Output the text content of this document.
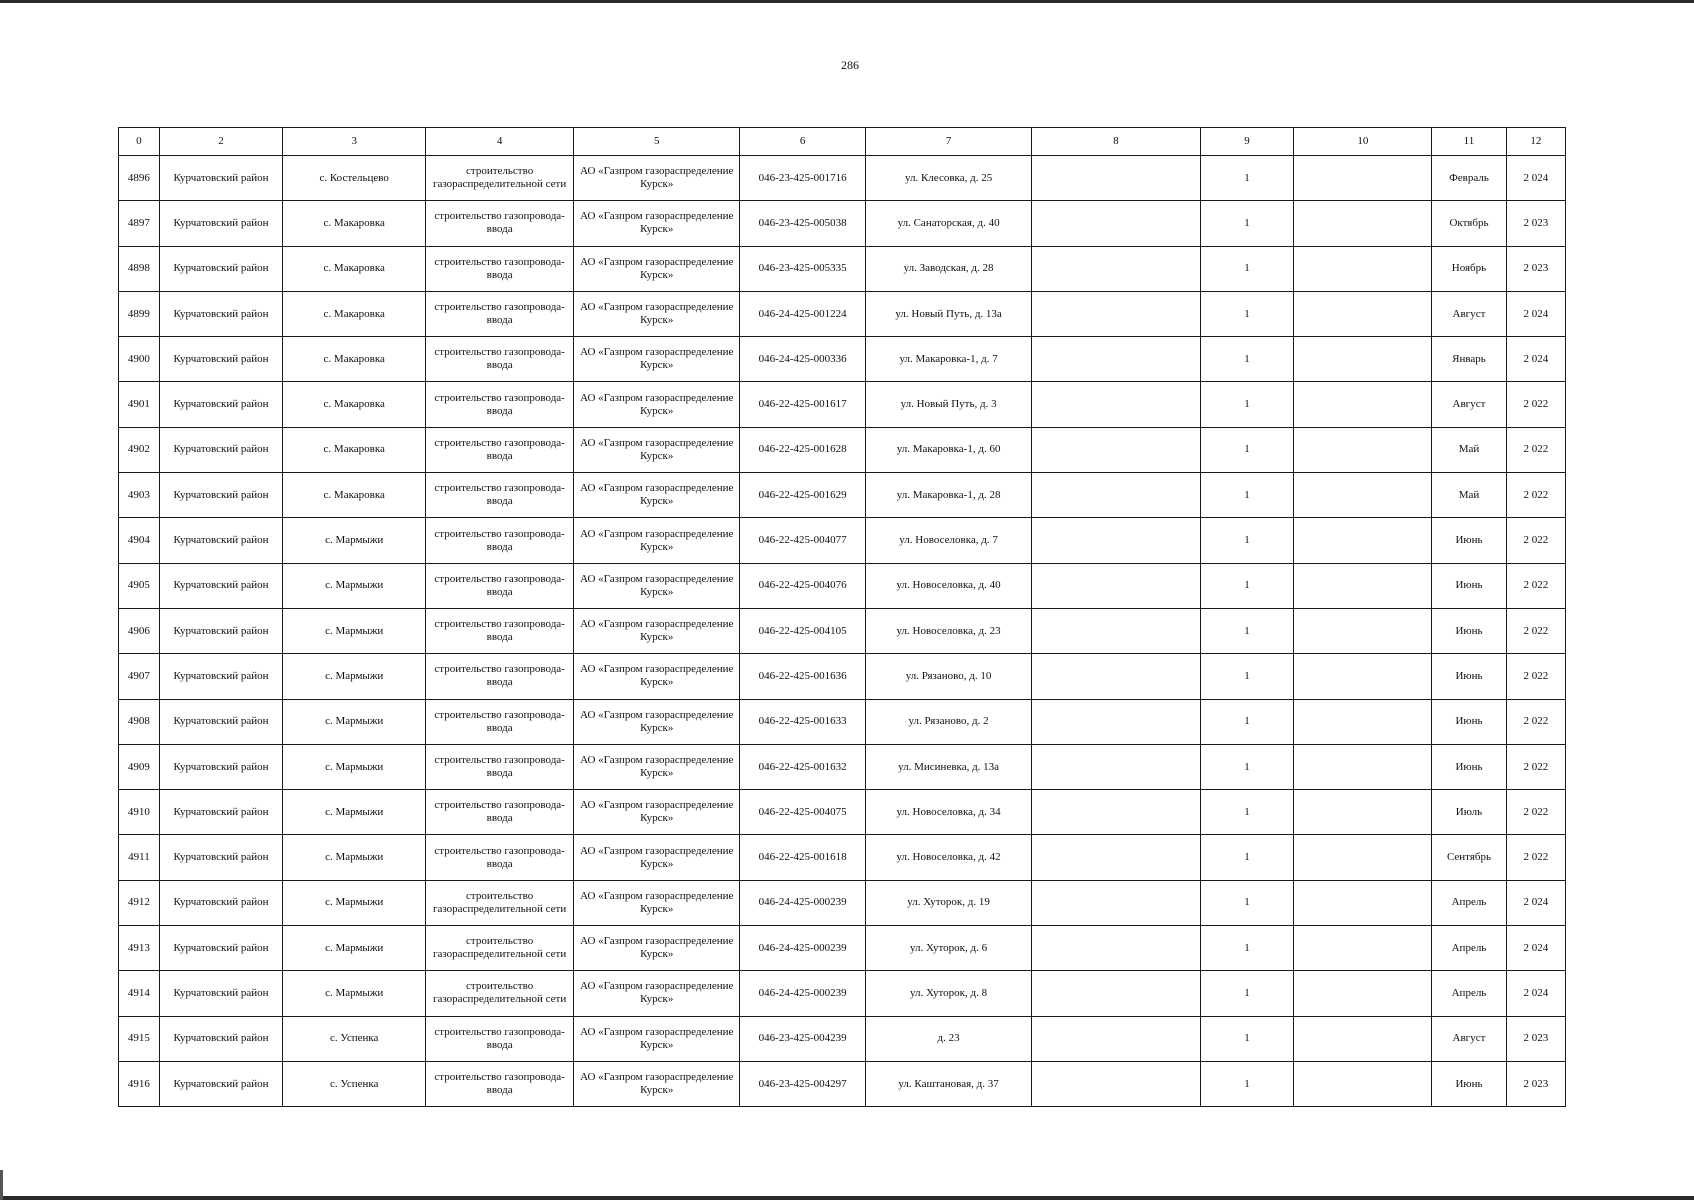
286
0	2	3	4	5	6	7	8	9	10	11	12
4896	Курчатовский район	с. Костельцево	строительство газораспределительной сети	АО «Газпром газораспределение Курск»	046-23-425-001716	ул. Клесовка, д. 25		1		Февраль	2 024
4897	Курчатовский район	с. Макаровка	строительство газопровода-ввода	АО «Газпром газораспределение Курск»	046-23-425-005038	ул. Санаторская, д. 40		1		Октябрь	2 023
4898	Курчатовский район	с. Макаровка	строительство газопровода-ввода	АО «Газпром газораспределение Курск»	046-23-425-005335	ул. Заводская, д. 28		1		Ноябрь	2 023
4899	Курчатовский район	с. Макаровка	строительство газопровода-ввода	АО «Газпром газораспределение Курск»	046-24-425-001224	ул. Новый Путь, д. 13а		1		Август	2 024
4900	Курчатовский район	с. Макаровка	строительство газопровода-ввода	АО «Газпром газораспределение Курск»	046-24-425-000336	ул. Макаровка-1, д. 7		1		Январь	2 024
4901	Курчатовский район	с. Макаровка	строительство газопровода-ввода	АО «Газпром газораспределение Курск»	046-22-425-001617	ул. Новый Путь, д. 3		1		Август	2 022
4902	Курчатовский район	с. Макаровка	строительство газопровода-ввода	АО «Газпром газораспределение Курск»	046-22-425-001628	ул. Макаровка-1, д. 60		1		Май	2 022
4903	Курчатовский район	с. Макаровка	строительство газопровода-ввода	АО «Газпром газораспределение Курск»	046-22-425-001629	ул. Макаровка-1, д. 28		1		Май	2 022
4904	Курчатовский район	с. Мармыжи	строительство газопровода-ввода	АО «Газпром газораспределение Курск»	046-22-425-004077	ул. Новоселовка, д. 7		1		Июнь	2 022
4905	Курчатовский район	с. Мармыжи	строительство газопровода-ввода	АО «Газпром газораспределение Курск»	046-22-425-004076	ул. Новоселовка, д. 40		1		Июнь	2 022
4906	Курчатовский район	с. Мармыжи	строительство газопровода-ввода	АО «Газпром газораспределение Курск»	046-22-425-004105	ул. Новоселовка, д. 23		1		Июнь	2 022
4907	Курчатовский район	с. Мармыжи	строительство газопровода-ввода	АО «Газпром газораспределение Курск»	046-22-425-001636	ул. Рязаново, д. 10		1		Июнь	2 022
4908	Курчатовский район	с. Мармыжи	строительство газопровода-ввода	АО «Газпром газораспределение Курск»	046-22-425-001633	ул. Рязаново, д. 2		1		Июнь	2 022
4909	Курчатовский район	с. Мармыжи	строительство газопровода-ввода	АО «Газпром газораспределение Курск»	046-22-425-001632	ул. Мисиневка, д. 13а		1		Июнь	2 022
4910	Курчатовский район	с. Мармыжи	строительство газопровода-ввода	АО «Газпром газораспределение Курск»	046-22-425-004075	ул. Новоселовка, д. 34		1		Июль	2 022
4911	Курчатовский район	с. Мармыжи	строительство газопровода-ввода	АО «Газпром газораспределение Курск»	046-22-425-001618	ул. Новоселовка, д. 42		1		Сентябрь	2 022
4912	Курчатовский район	с. Мармыжи	строительство газораспределительной сети	АО «Газпром газораспределение Курск»	046-24-425-000239	ул. Хуторок, д. 19		1		Апрель	2 024
4913	Курчатовский район	с. Мармыжи	строительство газораспределительной сети	АО «Газпром газораспределение Курск»	046-24-425-000239	ул. Хуторок, д. 6		1		Апрель	2 024
4914	Курчатовский район	с. Мармыжи	строительство газораспределительной сети	АО «Газпром газораспределение Курск»	046-24-425-000239	ул. Хуторок, д. 8		1		Апрель	2 024
4915	Курчатовский район	с. Успенка	строительство газопровода-ввода	АО «Газпром газораспределение Курск»	046-23-425-004239	д. 23		1		Август	2 023
4916	Курчатовский район	с. Успенка	строительство газопровода-ввода	АО «Газпром газораспределение Курск»	046-23-425-004297	ул. Каштановая, д. 37		1		Июнь	2 023
